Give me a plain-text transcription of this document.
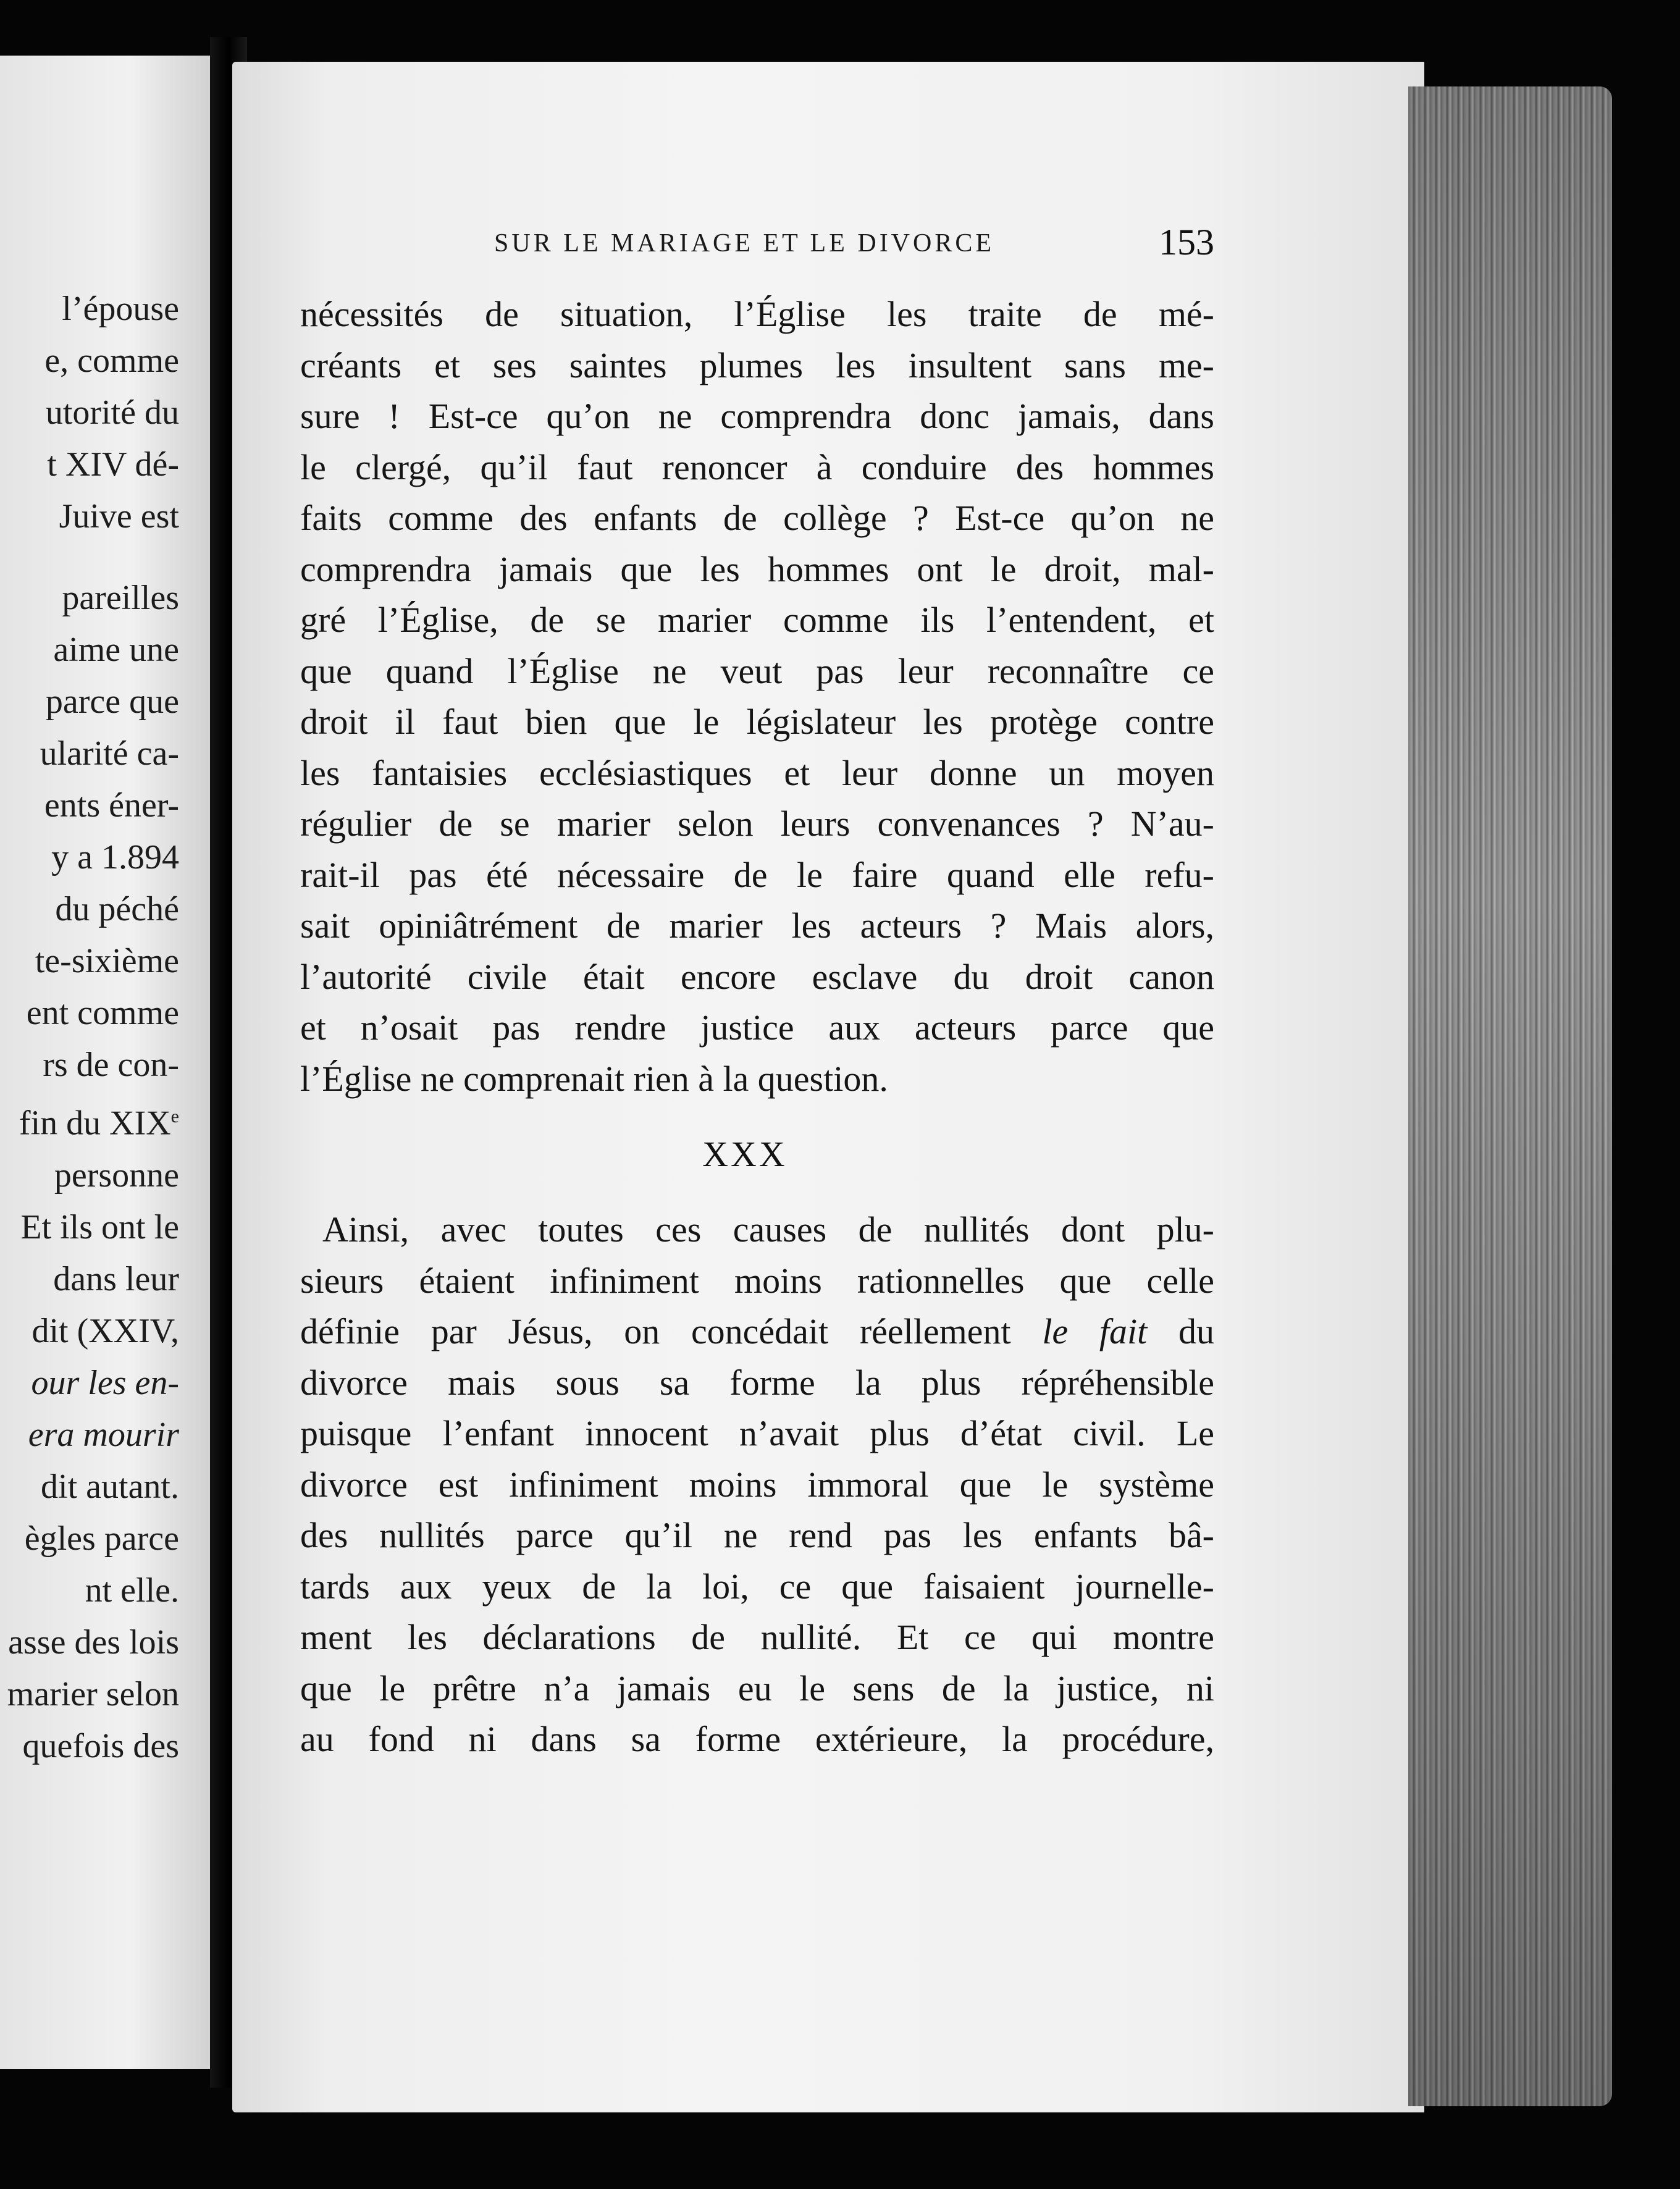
l’épouse
e, comme
utorité du
t XIV dé-
Juive est
pareilles
aime une
parce que
ularité ca-
ents éner-
y a 1.894
du péché
te-sixième
ent comme
rs de con-
fin du XIXe
personne
Et ils ont le
dans leur
dit (XXIV,
our les en-
era mourir
dit autant.
ègles parce
nt elle.
asse des lois
marier selon
quefois des
SUR LE MARIAGE ET LE DIVORCE	153
nécessités de situation, l’Église les traite de mé-
créants et ses saintes plumes les insultent sans me-
sure ! Est-ce qu’on ne comprendra donc jamais, dans
le clergé, qu’il faut renoncer à conduire des hommes
faits comme des enfants de collège ? Est-ce qu’on ne
comprendra jamais que les hommes ont le droit, mal-
gré l’Église, de se marier comme ils l’entendent, et
que quand l’Église ne veut pas leur reconnaître ce
droit il faut bien que le législateur les protège contre
les fantaisies ecclésiastiques et leur donne un moyen
régulier de se marier selon leurs convenances ? N’au-
rait-il pas été nécessaire de le faire quand elle refu-
sait opiniâtrément de marier les acteurs ? Mais alors,
l’autorité civile était encore esclave du droit canon
et n’osait pas rendre justice aux acteurs parce que
l’Église ne comprenait rien à la question.
XXX
Ainsi, avec toutes ces causes de nullités dont plu-
sieurs étaient infiniment moins rationnelles que celle
définie par Jésus, on concédait réellement le fait du
divorce mais sous sa forme la plus répréhensible
puisque l’enfant innocent n’avait plus d’état civil. Le
divorce est infiniment moins immoral que le système
des nullités parce qu’il ne rend pas les enfants bâ-
tards aux yeux de la loi, ce que faisaient journelle-
ment les déclarations de nullité. Et ce qui montre
que le prêtre n’a jamais eu le sens de la justice, ni
au fond ni dans sa forme extérieure, la procédure,
